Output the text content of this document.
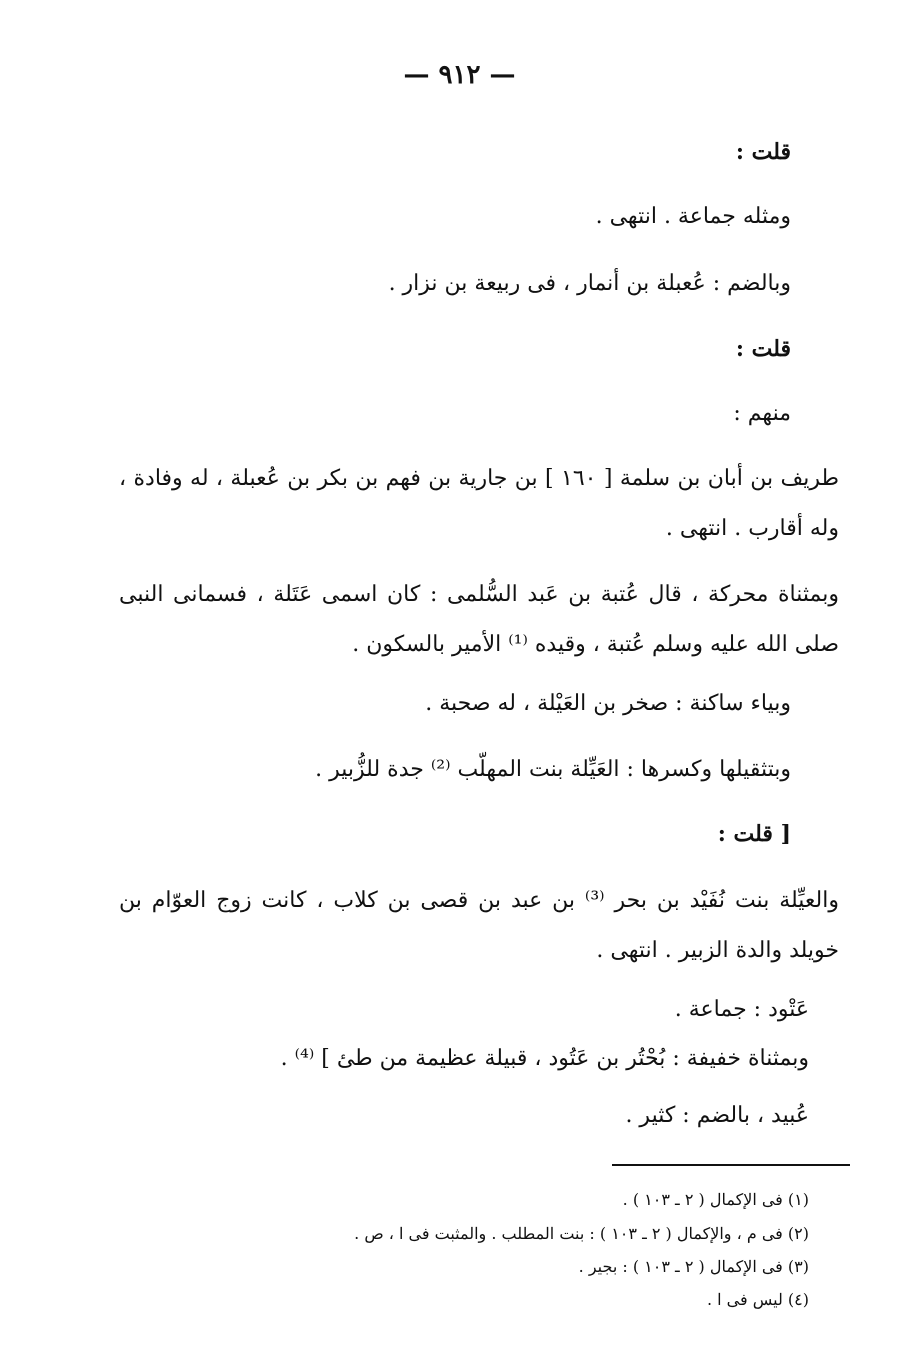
— ٩١٢ —
قلت :
ومثله جماعة . انتهى .
وبالضم : عُعبلة بن أنمار ، فى ربيعة بن نزار .
قلت :
منهم :
طريف بن أبان بن سلمة [ ١٦٠ ] بن جارية بن فهم بن بكر بن عُعبلة ، له وفادة ، وله أقارب . انتهى .
وبمثناة محركة ، قال عُتبة بن عَبد السُّلمى : كان اسمى عَتَلة ، فسمانى النبى صلى الله عليه وسلم عُتبة ، وقيده ⁽¹⁾ الأمير بالسكون .
وبياء ساكنة : صخر بن العَيْلة ، له صحبة .
وبتثقيلها وكسرها : العَيِّلة بنت المهلّب ⁽²⁾ جدة للزُّبير .
[ قلت :
والعيِّلة بنت نُفَيْد بن بحر ⁽³⁾ بن عبد بن قصى بن كلاب ، كانت زوج العوّام بن خويلد والدة الزبير . انتهى .
عَتْود : جماعة .
وبمثناة خفيفة : بُحْتُر بن عَتُود ، قبيلة عظيمة من طئ ] ⁽⁴⁾ .
عُبيد ، بالضم : كثير .
(١) فى الإكمال ( ٢ ـ ١٠٣ ) .
(٢) فى م ، والإكمال ( ٢ ـ ١٠٣ ) : بنت المطلب . والمثبت فى ا ، ص .
(٣) فى الإكمال ( ٢ ـ ١٠٣ ) : بجير .
(٤) ليس فى ا .
